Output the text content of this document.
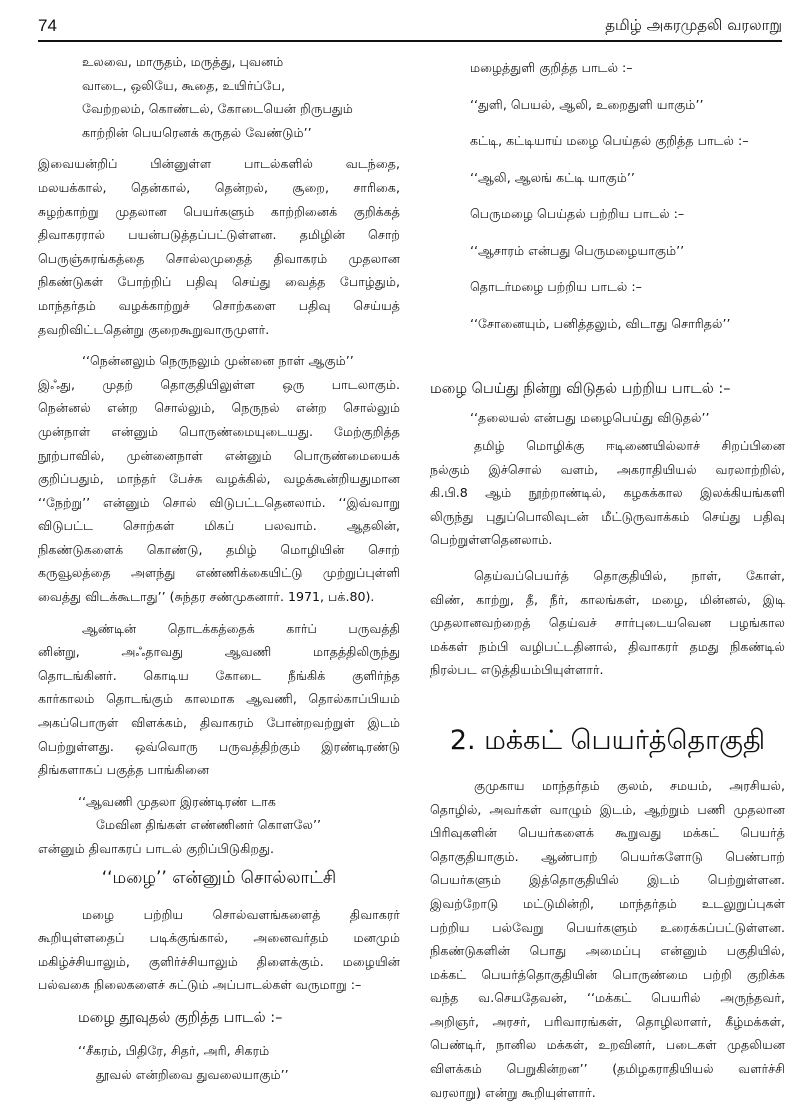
74	தமிழ் அகரமுதலி வரலாறு
உலவை, மாருதம், மருத்து, புவனம்
வாடை, ஒலியே, கூதை, உயிர்ப்பே,
வேற்றலம், கொண்டல், கோடையென் றிருபதும்
காற்றின் பெயரெனக் கருதல் வேண்டும்’’
இவையன்றிப் பின்னுள்ள பாடல்களில் வடந்தை,
மலயக்கால், தென்கால், தென்றல், சூறை, சாரிகை,
சுழற்காற்று முதலான பெயர்களும் காற்றினைக் குறிக்கத்
திவாகரரால் பயன்படுத்தப்பட்டுள்ளன. தமிழின் சொற்
பெருஞ்சுரங்கத்தை சொல்லமுதைத் திவாகரம் முதலான
நிகண்டுகள் போற்றிப் பதிவு செய்து வைத்த போழ்தும்,
மாந்தர்தம் வழக்காற்றுச் சொற்களை பதிவு செய்யத்
தவறிவிட்டதென்று குறைகூறுவாருமுளர்.
‘‘நென்னலும் நெருநலும் முன்னை நாள் ஆகும்’’
இஃது, முதற் தொகுதியிலுள்ள ஒரு பாடலாகும்.
நென்னல் என்ற சொல்லும், நெருநல் என்ற சொல்லும்
முன்நாள் என்னும் பொருண்மையுடையது. மேற்குறித்த
நூற்பாவில், முன்னைநாள் என்னும் பொருண்மையைக்
குறிப்பதும், மாந்தர் பேச்சு வழக்கில், வழக்கூன்றியதுமான
‘‘நேற்று’’ என்னும் சொல் விடுபட்டதெனலாம். ‘‘இவ்வாறு
விடுபட்ட சொற்கள் மிகப் பலவாம். ஆதலின்,
நிகண்டுகளைக் கொண்டு, தமிழ் மொழியின் சொற்
கருவூலத்தை அளந்து எண்ணிக்கையிட்டு முற்றுப்புள்ளி
வைத்து விடக்கூடாது’’ (சுந்தர சண்முகனார். 1971, பக்.80).
ஆண்டின் தொடக்கத்தைக் கார்ப் பருவத்தி
னின்று, அஃதாவது ஆவணி மாதத்திலிருந்து
தொடங்கினர். கொடிய கோடை நீங்கிக் குளிர்ந்த
கார்காலம் தொடங்கும் காலமாக ஆவணி, தொல்காப்பியம்
அகப்பொருள் விளக்கம், திவாகரம் போன்றவற்றுள் இடம்
பெற்றுள்ளது. ஒவ்வொரு பருவத்திற்கும் இரண்டிரண்டு
திங்களாகப் பகுத்த பாங்கினை
‘‘ஆவணி முதலா இரண்டிரண் டாக
மேவின திங்கள் எண்ணினர் கொளலே’’
என்னும் திவாகரப் பாடல் குறிப்பிடுகிறது.
‘‘மழை’’ என்னும் சொல்லாட்சி
மழை பற்றிய சொல்வளங்களைத் திவாகரர்
கூறியுள்ளதைப் படிக்குங்கால், அனைவர்தம் மனமும்
மகிழ்ச்சியாலும், குளிர்ச்சியாலும் திளைக்கும். மழையின்
பல்வகை நிலைகளைச் சுட்டும் அப்பாடல்கள் வருமாறு :–
மழை தூவுதல் குறித்த பாடல் :–
‘‘சீகரம், பிதிரே, சிதர், அரி, சிகரம்
தூவல் என்றிவை துவலையாகும்’’
மழைத்துளி குறித்த பாடல் :–
‘‘துளி, பெயல், ஆலி, உறைதுளி யாகும்’’
கட்டி, கட்டியாய் மழை பெய்தல் குறித்த பாடல் :–
‘‘ஆலி, ஆலங் கட்டி யாகும்’’
பெருமழை பெய்தல் பற்றிய பாடல் :–
‘‘ஆசாரம் என்பது பெருமழையாகும்’’
தொடர்மழை பற்றிய பாடல் :–
‘‘சோனையும், பனித்தலும், விடாது சொரிதல்’’
மழை பெய்து நின்று விடுதல் பற்றிய பாடல் :–
‘‘தலையல் என்பது மழைபெய்து விடுதல்’’
தமிழ் மொழிக்கு ஈடிணையில்லாச் சிறப்பினை
நல்கும் இச்சொல் வளம், அகராதியியல் வரலாற்றில்,
கி.பி.8 ஆம் நூற்றாண்டில், கழகக்கால இலக்கியங்களி
லிருந்து புதுப்பொலிவுடன் மீட்டுருவாக்கம் செய்து பதிவு
பெற்றுள்ளதெனலாம்.
தெய்வப்பெயர்த் தொகுதியில், நாள், கோள்,
விண், காற்று, தீ, நீர், காலங்கள், மழை, மின்னல், இடி
முதலானவற்றைத் தெய்வச் சார்புடையவென பழங்கால
மக்கள் நம்பி வழிபட்டதினால், திவாகரர் தமது நிகண்டில்
நிரல்பட எடுத்தியம்பியுள்ளார்.
2. மக்கட் பெயர்த்தொகுதி
குமுகாய மாந்தர்தம் குலம், சமயம், அரசியல்,
தொழில், அவர்கள் வாழும் இடம், ஆற்றும் பணி முதலான
பிரிவுகளின் பெயர்களைக் கூறுவது மக்கட் பெயர்த்
தொகுதியாகும். ஆண்பாற் பெயர்களோடு பெண்பாற்
பெயர்களும் இத்தொகுதியில் இடம் பெற்றுள்ளன.
இவற்றோடு மட்டுமின்றி, மாந்தர்தம் உடலுறுப்புகள்
பற்றிய பல்வேறு பெயர்களும் உரைக்கப்பட்டுள்ளன.
நிகண்டுகளின் பொது அமைப்பு என்னும் பகுதியில்,
மக்கட் பெயர்த்தொகுதியின் பொருண்மை பற்றி குறிக்க
வந்த வ.செயதேவன், ‘‘மக்கட் பெயரில் அருந்தவர்,
அறிஞர், அரசர், பரிவாரங்கள், தொழிலாளர், கீழ்மக்கள்,
பெண்டிர், நானில மக்கள், உறவினர், படைகள் முதலியன
விளக்கம் பெறுகின்றன’’ (தமிழகராதியியல் வளர்ச்சி
வரலாறு) என்று கூறியுள்ளார்.
